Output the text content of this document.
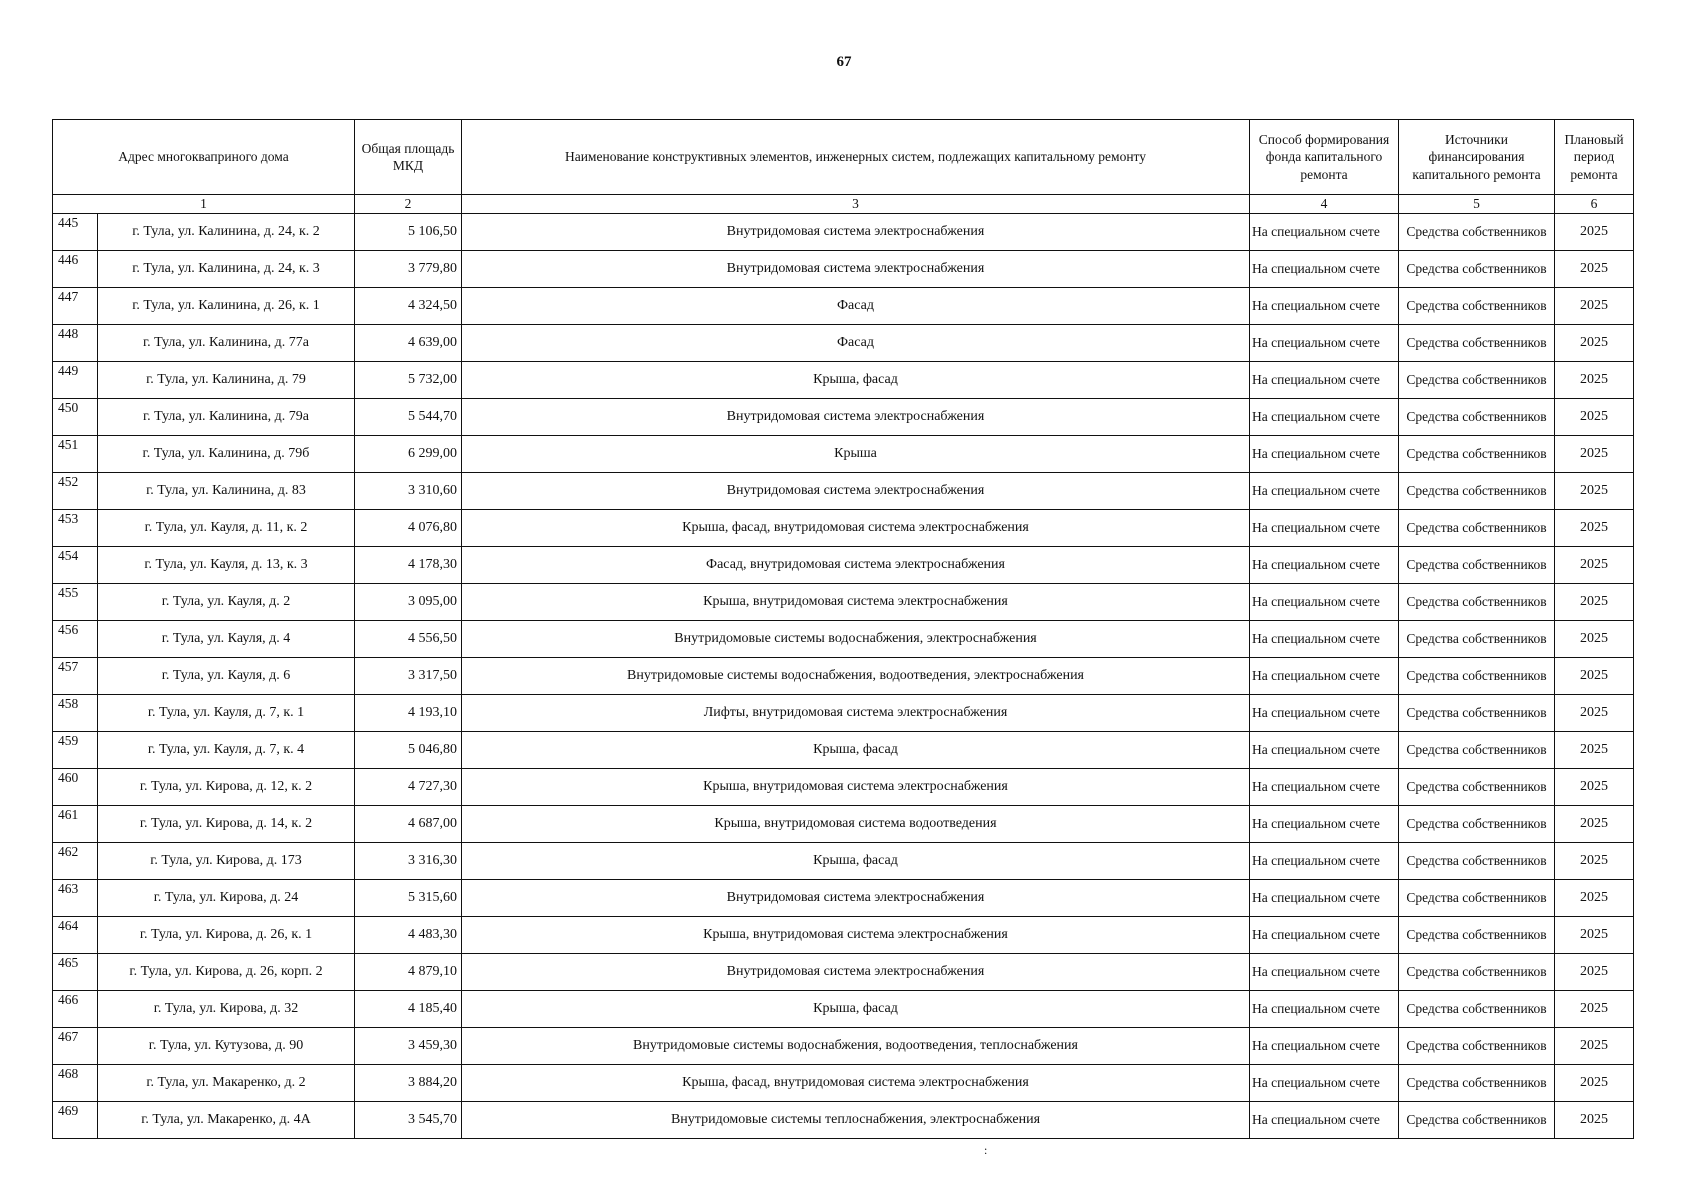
67
Адрес многокваприного дома		Общая площадь МКД	Наименование конструктивных элементов, инженерных систем, подлежащих капитальному ремонту	Способ формирования фонда капитального ремонта	Источники финансирования капитального ремонта	Плановый период ремонта
1		2	3	4	5	6
445	г. Тула, ул. Калинина, д. 24, к. 2	5 106,50	Внутридомовая система электроснабжения	На специальном счете	Средства собственников	2025
446	г. Тула, ул. Калинина, д. 24, к. 3	3 779,80	Внутридомовая система электроснабжения	На специальном счете	Средства собственников	2025
447	г. Тула, ул. Калинина, д. 26, к. 1	4 324,50	Фасад	На специальном счете	Средства собственников	2025
448	г. Тула, ул. Калинина, д. 77а	4 639,00	Фасад	На специальном счете	Средства собственников	2025
449	г. Тула, ул. Калинина, д. 79	5 732,00	Крыша, фасад	На специальном счете	Средства собственников	2025
450	г. Тула, ул. Калинина, д. 79а	5 544,70	Внутридомовая система электроснабжения	На специальном счете	Средства собственников	2025
451	г. Тула, ул. Калинина, д. 79б	6 299,00	Крыша	На специальном счете	Средства собственников	2025
452	г. Тула, ул. Калинина, д. 83	3 310,60	Внутридомовая система электроснабжения	На специальном счете	Средства собственников	2025
453	г. Тула, ул. Кауля, д. 11, к. 2	4 076,80	Крыша, фасад, внутридомовая система электроснабжения	На специальном счете	Средства собственников	2025
454	г. Тула, ул. Кауля, д. 13, к. 3	4 178,30	Фасад, внутридомовая система электроснабжения	На специальном счете	Средства собственников	2025
455	г. Тула, ул. Кауля, д. 2	3 095,00	Крыша, внутридомовая система электроснабжения	На специальном счете	Средства собственников	2025
456	г. Тула, ул. Кауля, д. 4	4 556,50	Внутридомовые системы водоснабжения, электроснабжения	На специальном счете	Средства собственников	2025
457	г. Тула, ул. Кауля, д. 6	3 317,50	Внутридомовые системы водоснабжения, водоотведения, электроснабжения	На специальном счете	Средства собственников	2025
458	г. Тула, ул. Кауля, д. 7, к. 1	4 193,10	Лифты, внутридомовая система электроснабжения	На специальном счете	Средства собственников	2025
459	г. Тула, ул. Кауля, д. 7, к. 4	5 046,80	Крыша, фасад	На специальном счете	Средства собственников	2025
460	г. Тула, ул. Кирова, д. 12, к. 2	4 727,30	Крыша, внутридомовая система электроснабжения	На специальном счете	Средства собственников	2025
461	г. Тула, ул. Кирова, д. 14, к. 2	4 687,00	Крыша, внутридомовая система водоотведения	На специальном счете	Средства собственников	2025
462	г. Тула, ул. Кирова, д. 173	3 316,30	Крыша, фасад	На специальном счете	Средства собственников	2025
463	г. Тула, ул. Кирова, д. 24	5 315,60	Внутридомовая система электроснабжения	На специальном счете	Средства собственников	2025
464	г. Тула, ул. Кирова, д. 26, к. 1	4 483,30	Крыша, внутридомовая система электроснабжения	На специальном счете	Средства собственников	2025
465	г. Тула, ул. Кирова, д. 26, корп. 2	4 879,10	Внутридомовая система электроснабжения	На специальном счете	Средства собственников	2025
466	г. Тула, ул. Кирова, д. 32	4 185,40	Крыша, фасад	На специальном счете	Средства собственников	2025
467	г. Тула, ул. Кутузова, д. 90	3 459,30	Внутридомовые системы водоснабжения, водоотведения, теплоснабжения	На специальном счете	Средства собственников	2025
468	г. Тула, ул. Макаренко, д. 2	3 884,20	Крыша, фасад, внутридомовая система электроснабжения	На специальном счете	Средства собственников	2025
469	г. Тула, ул. Макаренко, д. 4А	3 545,70	Внутридомовые системы теплоснабжения, электроснабжения	На специальном счете	Средства собственников	2025
:
